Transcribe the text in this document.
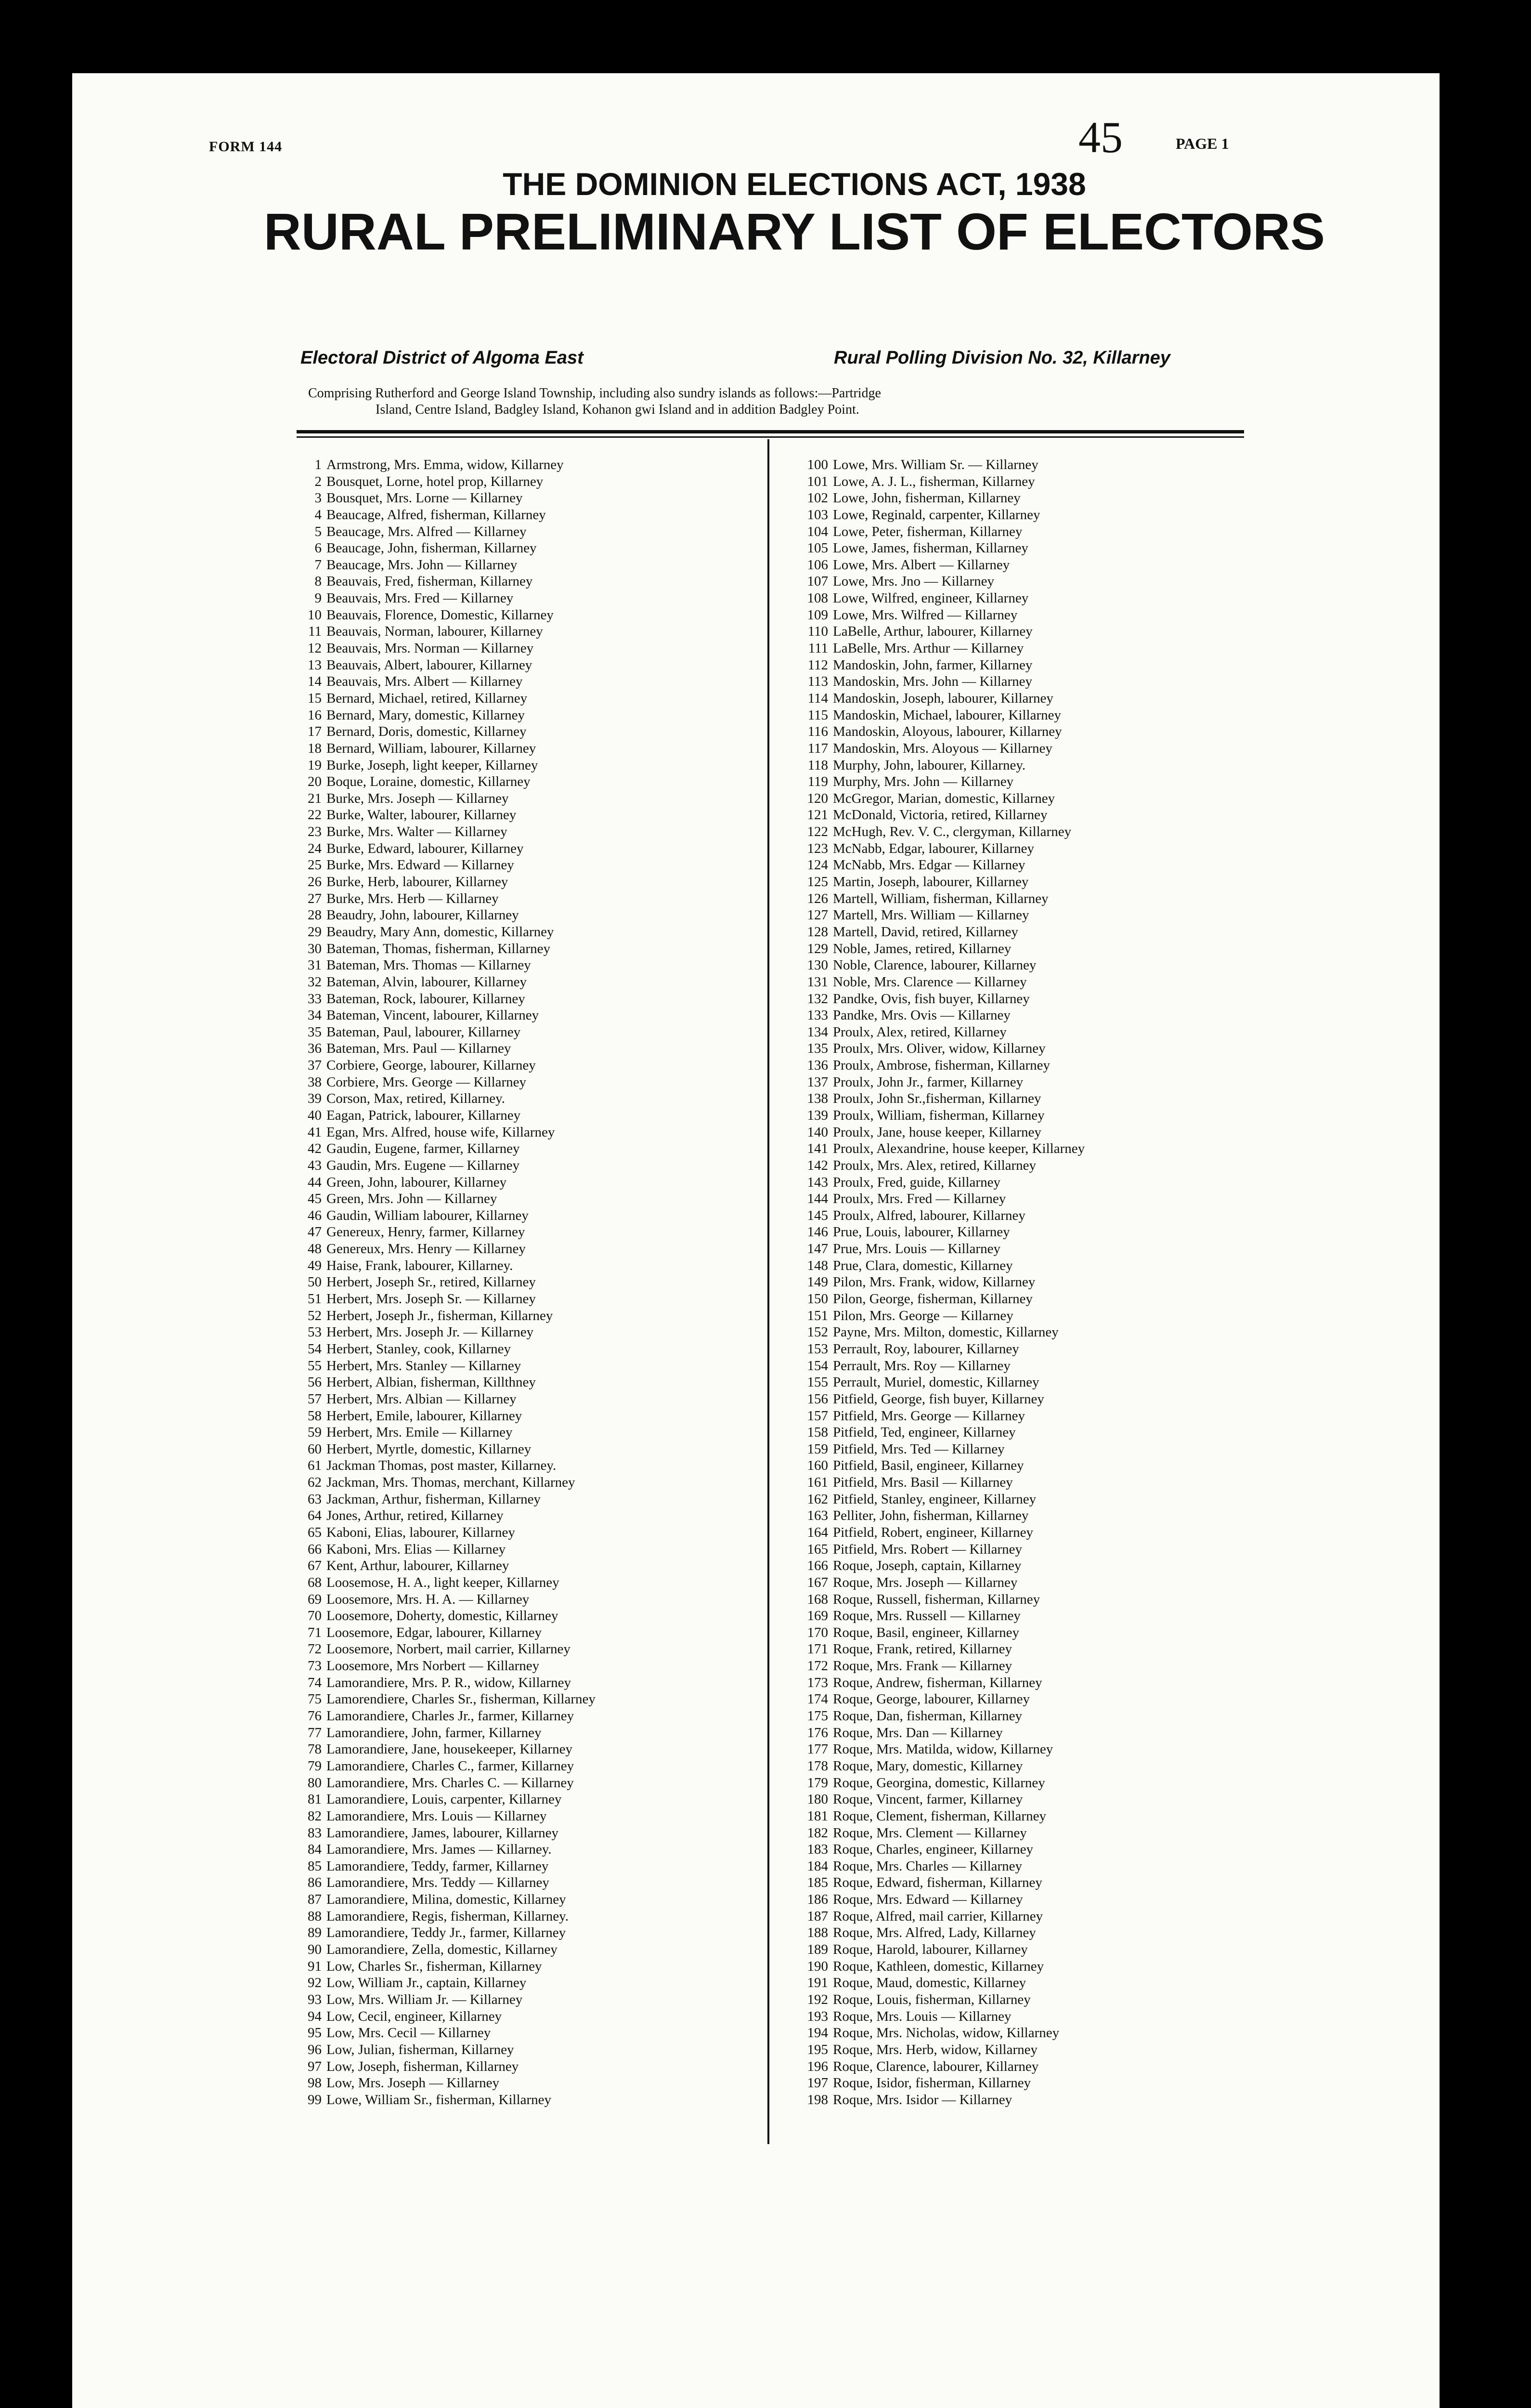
FORM 144	45	PAGE 1
THE DOMINION ELECTIONS ACT, 1938
RURAL PRELIMINARY LIST OF ELECTORS
Electoral District of Algoma East	Rural Polling Division No. 32, Killarney

Comprising Rutherford and George Island Township, including also sundry islands as follows:—Partridge

Island, Centre Island, Badgley Island, Kohanon gwi Island and in addition Badgley Point.

1 Armstrong, Mrs. Emma, widow, Killarney
2 Bousquet, Lorne, hotel prop, Killarney
3 Bousquet, Mrs. Lorne — Killarney
4 Beaucage, Alfred, fisherman, Killarney
5 Beaucage, Mrs. Alfred — Killarney
6 Beaucage, John, fisherman, Killarney
7 Beaucage, Mrs. John — Killarney
8 Beauvais, Fred, fisherman, Killarney
9 Beauvais, Mrs. Fred — Killarney
10 Beauvais, Florence, Domestic, Killarney
11 Beauvais, Norman, labourer, Killarney
12 Beauvais, Mrs. Norman — Killarney
13 Beauvais, Albert, labourer, Killarney
14 Beauvais, Mrs. Albert — Killarney
15 Bernard, Michael, retired, Killarney
16 Bernard, Mary, domestic, Killarney
17 Bernard, Doris, domestic, Killarney
18 Bernard, William, labourer, Killarney
19 Burke, Joseph, light keeper, Killarney
20 Boque, Loraine, domestic, Killarney
21 Burke, Mrs. Joseph — Killarney
22 Burke, Walter, labourer, Killarney
23 Burke, Mrs. Walter — Killarney
24 Burke, Edward, labourer, Killarney
25 Burke, Mrs. Edward — Killarney
26 Burke, Herb, labourer, Killarney
27 Burke, Mrs. Herb — Killarney
28 Beaudry, John, labourer, Killarney
29 Beaudry, Mary Ann, domestic, Killarney
30 Bateman, Thomas, fisherman, Killarney
31 Bateman, Mrs. Thomas — Killarney
32 Bateman, Alvin, labourer, Killarney
33 Bateman, Rock, labourer, Killarney
34 Bateman, Vincent, labourer, Killarney
35 Bateman, Paul, labourer, Killarney
36 Bateman, Mrs. Paul — Killarney
37 Corbiere, George, labourer, Killarney
38 Corbiere, Mrs. George — Killarney
39 Corson, Max, retired, Killarney.
40 Eagan, Patrick, labourer, Killarney
41 Egan, Mrs. Alfred, house wife, Killarney
42 Gaudin, Eugene, farmer, Killarney
43 Gaudin, Mrs. Eugene — Killarney
44 Green, John, labourer, Killarney
45 Green, Mrs. John — Killarney
46 Gaudin, William labourer, Killarney
47 Genereux, Henry, farmer, Killarney
48 Genereux, Mrs. Henry — Killarney
49 Haise, Frank, labourer, Killarney.
50 Herbert, Joseph Sr., retired, Killarney
51 Herbert, Mrs. Joseph Sr. — Killarney
52 Herbert, Joseph Jr., fisherman, Killarney
53 Herbert, Mrs. Joseph Jr. — Killarney
54 Herbert, Stanley, cook, Killarney
55 Herbert, Mrs. Stanley — Killarney
56 Herbert, Albian, fisherman, Killthney
57 Herbert, Mrs. Albian — Killarney
58 Herbert, Emile, labourer, Killarney
59 Herbert, Mrs. Emile — Killarney
60 Herbert, Myrtle, domestic, Killarney
61 Jackman Thomas, post master, Killarney.
62 Jackman, Mrs. Thomas, merchant, Killarney
63 Jackman, Arthur, fisherman, Killarney
64 Jones, Arthur, retired, Killarney
65 Kaboni, Elias, labourer, Killarney
66 Kaboni, Mrs. Elias — Killarney
67 Kent, Arthur, labourer, Killarney
68 Loosemose, H. A., light keeper, Killarney
69 Loosemore, Mrs. H. A. — Killarney
70 Loosemore, Doherty, domestic, Killarney
71 Loosemore, Edgar, labourer, Killarney
72 Loosemore, Norbert, mail carrier, Killarney
73 Loosemore, Mrs Norbert — Killarney
74 Lamorandiere, Mrs. P. R., widow, Killarney
75 Lamorendiere, Charles Sr., fisherman, Killarney
76 Lamorandiere, Charles Jr., farmer, Killarney
77 Lamorandiere, John, farmer, Killarney
78 Lamorandiere, Jane, housekeeper, Killarney
79 Lamorandiere, Charles C., farmer, Killarney
80 Lamorandiere, Mrs. Charles C. — Killarney
81 Lamorandiere, Louis, carpenter, Killarney
82 Lamorandiere, Mrs. Louis — Killarney
83 Lamorandiere, James, labourer, Killarney
84 Lamorandiere, Mrs. James — Killarney.
85 Lamorandiere, Teddy, farmer, Killarney
86 Lamorandiere, Mrs. Teddy — Killarney
87 Lamorandiere, Milina, domestic, Killarney
88 Lamorandiere, Regis, fisherman, Killarney.
89 Lamorandiere, Teddy Jr., farmer, Killarney
90 Lamorandiere, Zella, domestic, Killarney
91 Low, Charles Sr., fisherman, Killarney
92 Low, William Jr., captain, Killarney
93 Low, Mrs. William Jr. — Killarney
94 Low, Cecil, engineer, Killarney
95 Low, Mrs. Cecil — Killarney
96 Low, Julian, fisherman, Killarney
97 Low, Joseph, fisherman, Killarney
98 Low, Mrs. Joseph — Killarney
99 Lowe, William Sr., fisherman, Killarney
100 Lowe, Mrs. William Sr. — Killarney
101 Lowe, A. J. L., fisherman, Killarney
102 Lowe, John, fisherman, Killarney
103 Lowe, Reginald, carpenter, Killarney
104 Lowe, Peter, fisherman, Killarney
105 Lowe, James, fisherman, Killarney
106 Lowe, Mrs. Albert — Killarney
107 Lowe, Mrs. Jno — Killarney
108 Lowe, Wilfred, engineer, Killarney
109 Lowe, Mrs. Wilfred — Killarney
110 LaBelle, Arthur, labourer, Killarney
111 LaBelle, Mrs. Arthur — Killarney
112 Mandoskin, John, farmer, Killarney
113 Mandoskin, Mrs. John — Killarney
114 Mandoskin, Joseph, labourer, Killarney
115 Mandoskin, Michael, labourer, Killarney
116 Mandoskin, Aloyous, labourer, Killarney
117 Mandoskin, Mrs. Aloyous — Killarney
118 Murphy, John, labourer, Killarney.
119 Murphy, Mrs. John — Killarney
120 McGregor, Marian, domestic, Killarney
121 McDonald, Victoria, retired, Killarney
122 McHugh, Rev. V. C., clergyman, Killarney
123 McNabb, Edgar, labourer, Killarney
124 McNabb, Mrs. Edgar — Killarney
125 Martin, Joseph, labourer, Killarney
126 Martell, William, fisherman, Killarney
127 Martell, Mrs. William — Killarney
128 Martell, David, retired, Killarney
129 Noble, James, retired, Killarney
130 Noble, Clarence, labourer, Killarney
131 Noble, Mrs. Clarence — Killarney
132 Pandke, Ovis, fish buyer, Killarney
133 Pandke, Mrs. Ovis — Killarney
134 Proulx, Alex, retired, Killarney
135 Proulx, Mrs. Oliver, widow, Killarney
136 Proulx, Ambrose, fisherman, Killarney
137 Proulx, John Jr., farmer, Killarney
138 Proulx, John Sr.,fisherman, Killarney
139 Proulx, William, fisherman, Killarney
140 Proulx, Jane, house keeper, Killarney
141 Proulx, Alexandrine, house keeper, Killarney
142 Proulx, Mrs. Alex, retired, Killarney
143 Proulx, Fred, guide, Killarney
144 Proulx, Mrs. Fred — Killarney
145 Proulx, Alfred, labourer, Killarney
146 Prue, Louis, labourer, Killarney
147 Prue, Mrs. Louis — Killarney
148 Prue, Clara, domestic, Killarney
149 Pilon, Mrs. Frank, widow, Killarney
150 Pilon, George, fisherman, Killarney
151 Pilon, Mrs. George — Killarney
152 Payne, Mrs. Milton, domestic, Killarney
153 Perrault, Roy, labourer, Killarney
154 Perrault, Mrs. Roy — Killarney
155 Perrault, Muriel, domestic, Killarney
156 Pitfield, George, fish buyer, Killarney
157 Pitfield, Mrs. George — Killarney
158 Pitfield, Ted, engineer, Killarney
159 Pitfield, Mrs. Ted — Killarney
160 Pitfield, Basil, engineer, Killarney
161 Pitfield, Mrs. Basil — Killarney
162 Pitfield, Stanley, engineer, Killarney
163 Pelliter, John, fisherman, Killarney
164 Pitfield, Robert, engineer, Killarney
165 Pitfield, Mrs. Robert — Killarney
166 Roque, Joseph, captain, Killarney
167 Roque, Mrs. Joseph — Killarney
168 Roque, Russell, fisherman, Killarney
169 Roque, Mrs. Russell — Killarney
170 Roque, Basil, engineer, Killarney
171 Roque, Frank, retired, Killarney
172 Roque, Mrs. Frank — Killarney
173 Roque, Andrew, fisherman, Killarney
174 Roque, George, labourer, Killarney
175 Roque, Dan, fisherman, Killarney
176 Roque, Mrs. Dan — Killarney
177 Roque, Mrs. Matilda, widow, Killarney
178 Roque, Mary, domestic, Killarney
179 Roque, Georgina, domestic, Killarney
180 Roque, Vincent, farmer, Killarney
181 Roque, Clement, fisherman, Killarney
182 Roque, Mrs. Clement — Killarney
183 Roque, Charles, engineer, Killarney
184 Roque, Mrs. Charles — Killarney
185 Roque, Edward, fisherman, Killarney
186 Roque, Mrs. Edward — Killarney
187 Roque, Alfred, mail carrier, Killarney
188 Roque, Mrs. Alfred, Lady, Killarney
189 Roque, Harold, labourer, Killarney
190 Roque, Kathleen, domestic, Killarney
191 Roque, Maud, domestic, Killarney
192 Roque, Louis, fisherman, Killarney
193 Roque, Mrs. Louis — Killarney
194 Roque, Mrs. Nicholas, widow, Killarney
195 Roque, Mrs. Herb, widow, Killarney
196 Roque, Clarence, labourer, Killarney
197 Roque, Isidor, fisherman, Killarney
198 Roque, Mrs. Isidor — Killarney
